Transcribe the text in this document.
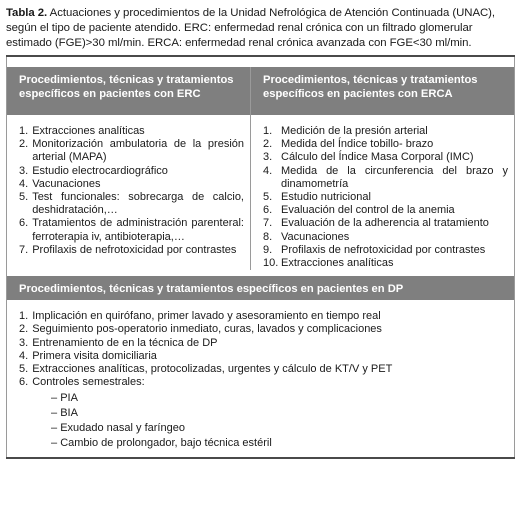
Tabla 2. Actuaciones y procedimientos de la Unidad Nefrológica de Atención Continuada (UNAC), según el tipo de paciente atendido. ERC: enfermedad renal crónica con un filtrado glomerular estimado (FGE)>30 ml/min. ERCA: enfermedad renal crónica avanzada con FGE<30 ml/min.

Procedimientos, técnicas y tratamientos específicos en pacientes con ERC
1. Extracciones analíticas
2. Monitorización ambulatoria de la presión arterial (MAPA)
3. Estudio electrocardiográfico
4. Vacunaciones
5. Test funcionales: sobrecarga de calcio, deshidratación,…
6. Tratamientos de administración parenteral: ferroterapia iv, antibioterapia,…
7. Profilaxis de nefrotoxicidad por contrastes
Procedimientos, técnicas y tratamientos específicos en pacientes con ERCA
1. Medición de la presión arterial
2. Medida del Índice tobillo- brazo
3. Cálculo del Índice Masa Corporal (IMC)
4. Medida de la circunferencia del brazo y dinamometría
5. Estudio nutricional
6. Evaluación del control de la anemia
7. Evaluación de la adherencia al tratamiento
8. Vacunaciones
9. Profilaxis de nefrotoxicidad por contrastes
10. Extracciones analíticas
Procedimientos, técnicas y tratamientos específicos en pacientes en DP
1. Implicación en quirófano, primer lavado y asesoramiento en tiempo real
2. Seguimiento pos-operatorio inmediato, curas, lavados y complicaciones
3. Entrenamiento de en la técnica de DP
4. Primera visita domiciliaria
5. Extracciones analíticas, protocolizadas, urgentes y cálculo de KT/V y PET
6. Controles semestrales:
– PIA
– BIA
– Exudado nasal y faríngeo
– Cambio de prolongador, bajo técnica estéril
